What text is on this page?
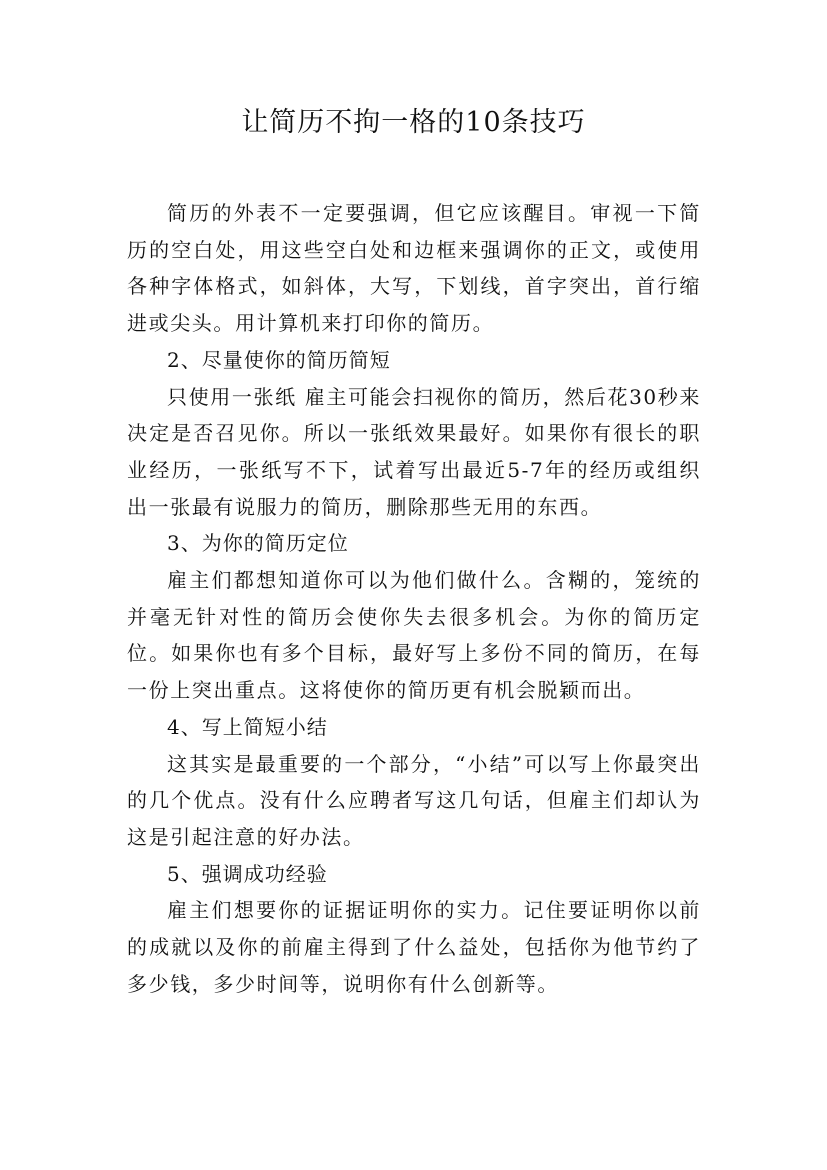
让简历不拘一格的10条技巧

简历的外表不一定要强调，但它应该醒目。审视一下简历的空白处，用这些空白处和边框来强调你的正文，或使用各种字体格式，如斜体，大写，下划线，首字突出，首行缩进或尖头。用计算机来打印你的简历。

2、尽量使你的简历简短

只使用一张纸 雇主可能会扫视你的简历，然后花30秒来决定是否召见你。所以一张纸效果最好。如果你有很长的职业经历，一张纸写不下，试着写出最近5-7年的经历或组织出一张最有说服力的简历，删除那些无用的东西。

3、为你的简历定位

雇主们都想知道你可以为他们做什么。含糊的，笼统的并毫无针对性的简历会使你失去很多机会。为你的简历定位。如果你也有多个目标，最好写上多份不同的简历，在每一份上突出重点。这将使你的简历更有机会脱颖而出。

4、写上简短小结

这其实是最重要的一个部分，“小结”可以写上你最突出的几个优点。没有什么应聘者写这几句话，但雇主们却认为这是引起注意的好办法。

5、强调成功经验

雇主们想要你的证据证明你的实力。记住要证明你以前的成就以及你的前雇主得到了什么益处，包括你为他节约了多少钱，多少时间等，说明你有什么创新等。
